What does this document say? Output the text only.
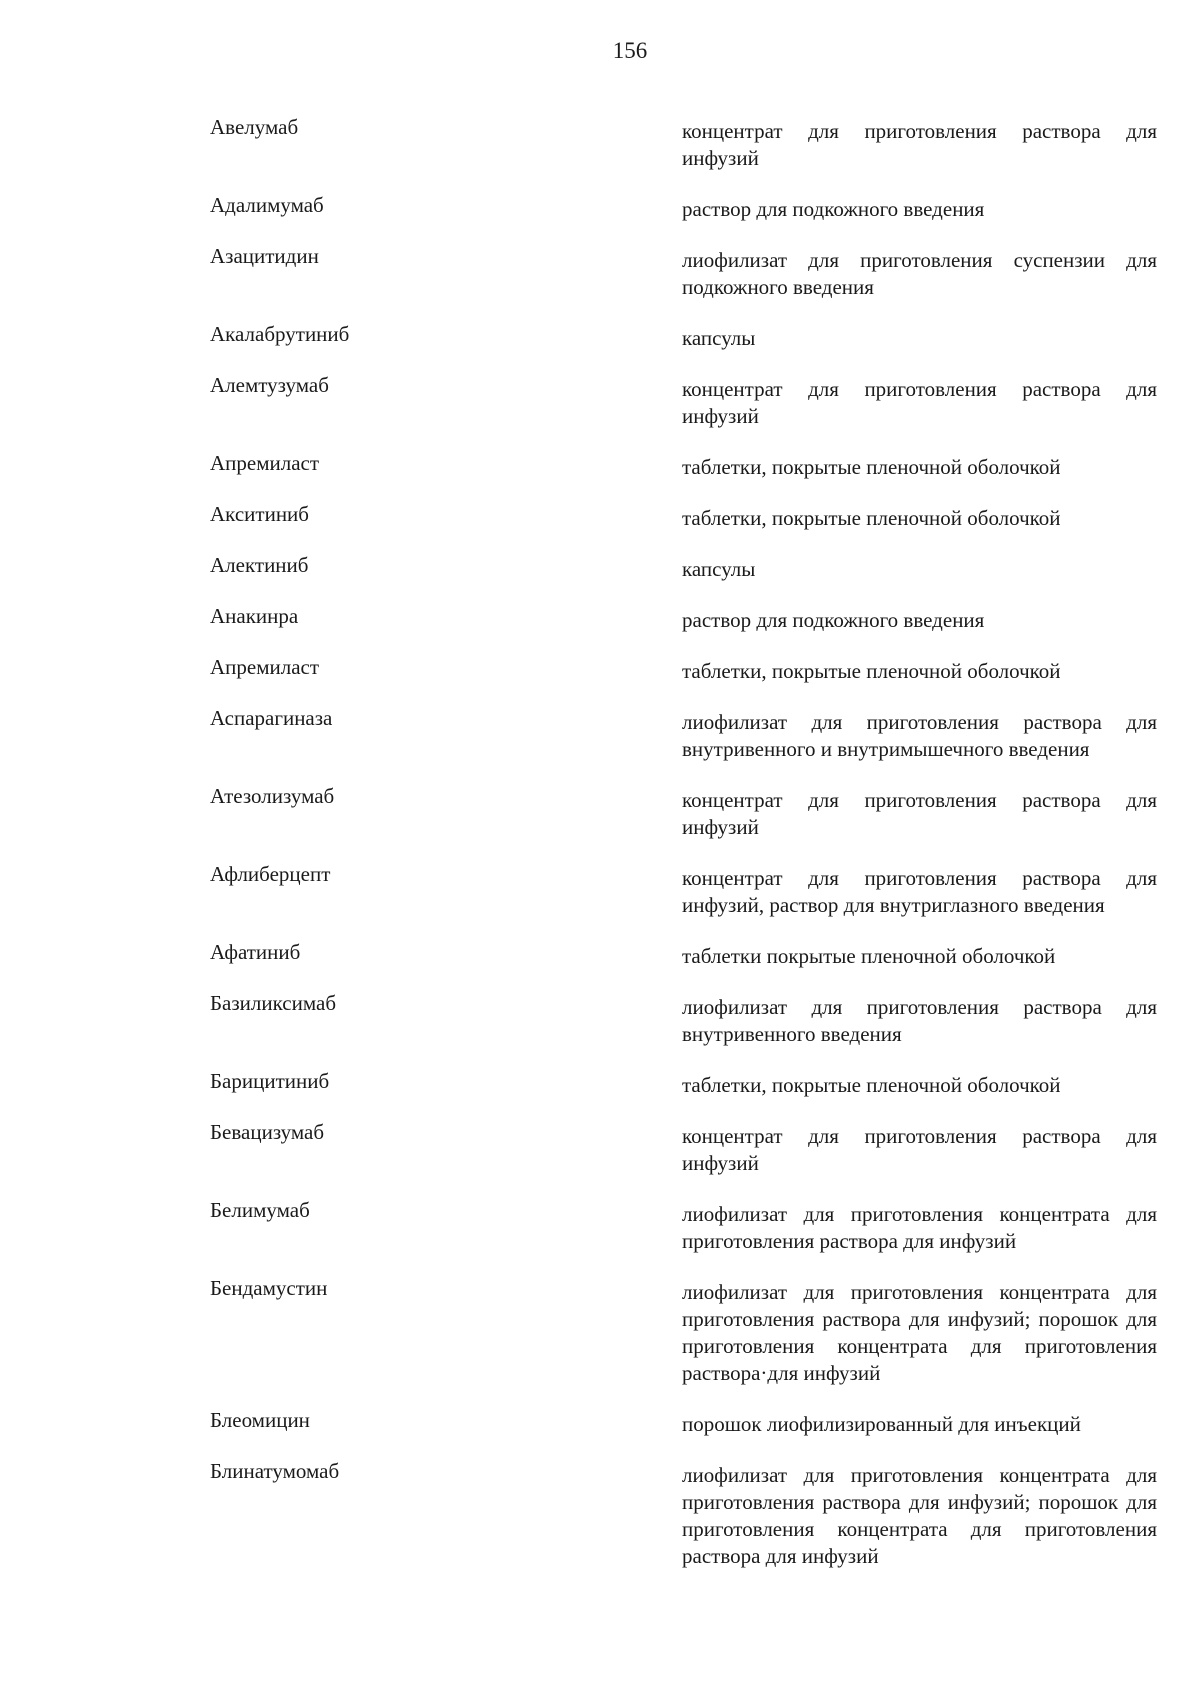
156
Авелумаб	концентрат для приготовления раствора для инфузий
Адалимумаб	раствор для подкожного введения
Азацитидин	лиофилизат для приготовления суспензии для подкожного введения
Акалабрутиниб	капсулы
Алемтузумаб	концентрат для приготовления раствора для инфузий
Апремиласт	таблетки, покрытые пленочной оболочкой
Акситиниб	таблетки, покрытые пленочной оболочкой
Алектиниб	капсулы
Анакинра	раствор для подкожного введения
Апремиласт	таблетки, покрытые пленочной оболочкой
Аспарагиназа	лиофилизат для приготовления раствора для внутривенного и внутримышечного введения
Атезолизумаб	концентрат для приготовления раствора для инфузий
Афлиберцепт	концентрат для приготовления раствора для инфузий, раствор для внутриглазного введения
Афатиниб	таблетки покрытые пленочной оболочкой
Базиликсимаб	лиофилизат для приготовления раствора для внутривенного введения
Барицитиниб	таблетки, покрытые пленочной оболочкой
Бевацизумаб	концентрат для приготовления раствора для инфузий
Белимумаб	лиофилизат для приготовления концентрата для приготовления раствора для инфузий
Бендамустин	лиофилизат для приготовления концентрата для приготовления раствора для инфузий; порошок для приготовления концентрата для приготовления раствора·для инфузий
Блеомицин	порошок лиофилизированный для инъекций
Блинатумомаб	лиофилизат для приготовления концентрата для приготовления раствора для инфузий; порошок для приготовления концентрата для приготовления раствора для инфузий
